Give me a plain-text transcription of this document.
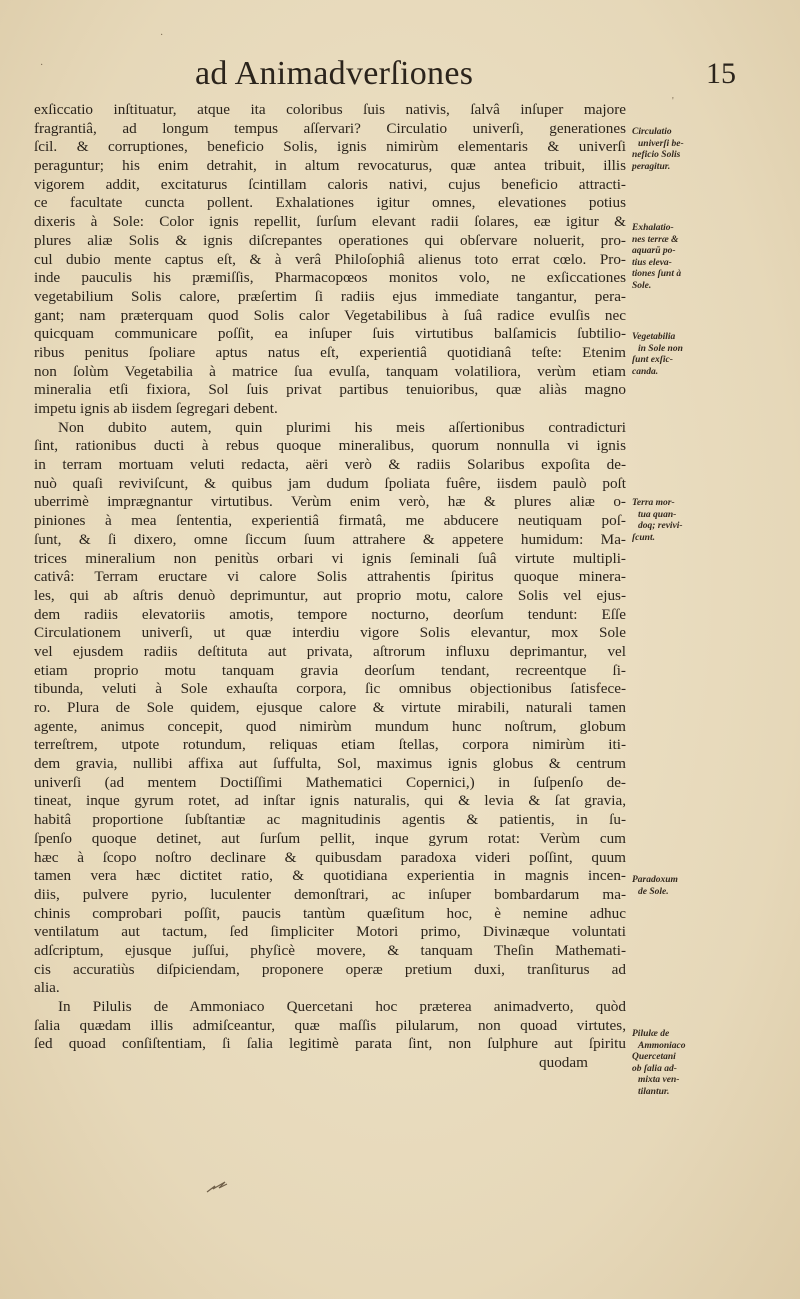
ad Animadverſiones	15
exſiccatio inſtituatur, atque ita coloribus ſuis nativis, ſalvâ inſuper majore
fragrantiâ, ad longum tempus aſſervari? Circulatio univerſi, generationes
ſcil. & corruptiones, beneficio Solis, ignis nimirùm elementaris & univerſi
peraguntur; his enim detrahit, in altum revocaturus, quæ antea tribuit, illis
vigorem addit, excitaturus ſcintillam caloris nativi, cujus beneficio attracti-
ce facultate cuncta pollent. Exhalationes igitur omnes, elevationes potius
dixeris à Sole: Color ignis repellit, ſurſum elevant radii ſolares, eæ igitur &
plures aliæ Solis & ignis diſcrepantes operationes qui obſervare noluerit, pro-
cul dubio mente captus eſt, & à verâ Philoſophiâ alienus toto errat cœlo. Pro-
inde pauculis his præmiſſis, Pharmacopœos monitos volo, ne exſiccationes
vegetabilium Solis calore, præſertim ſi radiis ejus immediate tangantur, pera-
gant; nam præterquam quod Solis calor Vegetabilibus à ſuâ radice evulſis nec
quicquam communicare poſſit, ea inſuper ſuis virtutibus balſamicis ſubtilio-
ribus penitus ſpoliare aptus natus eſt, experientiâ quotidianâ teſte: Etenim
non ſolùm Vegetabilia à matrice ſua evulſa, tanquam volatiliora, verùm etiam
mineralia etſi fixiora, Sol ſuis privat partibus tenuioribus, quæ aliàs magno
impetu ignis ab iisdem ſegregari debent.
Non dubito autem, quin plurimi his meis aſſertionibus contradicturi
ſint, rationibus ducti à rebus quoque mineralibus, quorum nonnulla vi ignis
in terram mortuam veluti redacta, aëri verò & radiis Solaribus expoſita de-
nuò quaſi reviviſcunt, & quibus jam dudum ſpoliata fuêre, iisdem paulò poſt
uberrimè imprægnantur virtutibus. Verùm enim verò, hæ & plures aliæ o-
piniones à mea ſententia, experientiâ firmatâ, me abducere neutiquam poſ-
ſunt, & ſi dixero, omne ſiccum ſuum attrahere & appetere humidum: Ma-
trices mineralium non penitùs orbari vi ignis ſeminali ſuâ virtute multipli-
cativâ: Terram eructare vi calore Solis attrahentis ſpiritus quoque minera-
les, qui ab aſtris denuò deprimuntur, aut proprio motu, calore Solis vel ejus-
dem radiis elevatoriis amotis, tempore nocturno, deorſum tendunt: Eſſe
Circulationem univerſi, ut quæ interdiu vigore Solis elevantur, mox Sole
vel ejusdem radiis deſtituta aut privata, aſtrorum influxu deprimantur, vel
etiam proprio motu tanquam gravia deorſum tendant, recreentque ſi-
tibunda, veluti à Sole exhauſta corpora, ſic omnibus objectionibus ſatisfece-
ro. Plura de Sole quidem, ejusque calore & virtute mirabili, naturali tamen
agente, animus concepit, quod nimirùm mundum hunc noſtrum, globum
terreſtrem, utpote rotundum, reliquas etiam ſtellas, corpora nimirùm iti-
dem gravia, nullibi affixa aut ſuffulta, Sol, maximus ignis globus & centrum
univerſi (ad mentem Doctiſſimi Mathematici Copernici,) in ſuſpenſo de-
tineat, inque gyrum rotet, ad inſtar ignis naturalis, qui & levia & ſat gravia,
habitâ proportione ſubſtantiæ ac magnitudinis agentis & patientis, in ſu-
ſpenſo quoque detinet, aut ſurſum pellit, inque gyrum rotat: Verùm cum
hæc à ſcopo noſtro declinare & quibusdam paradoxa videri poſſint, quum
tamen vera hæc dictitet ratio, & quotidiana experientia in magnis incen-
diis, pulvere pyrio, luculenter demonſtrari, ac inſuper bombardarum ma-
chinis comprobari poſſit, paucis tantùm quæſitum hoc, è nemine adhuc
ventilatum aut tactum, ſed ſimpliciter Motori primo, Divinæque voluntati
adſcriptum, ejusque juſſui, phyſicè movere, & tanquam Theſin Mathemati-
cis accuratiùs diſpiciendam, proponere operæ pretium duxi, tranſiturus ad
alia.
In Pilulis de Ammoniaco Quercetani hoc præterea animadverto, quòd
ſalia quædam illis admiſceantur, quæ maſſis pilularum, non quoad virtutes,
ſed quoad conſiſtentiam, ſi ſalia legitimè parata ſint, non ſulphure aut ſpiritu
quodam
Circulatio
univerſi be-
neficio Solis
peragitur.
Exhalatio-
nes terræ &
aquarū po-
tius eleva-
tiones ſunt à
Sole.
Vegetabilia
in Sole non
ſunt exſic-
canda.
Terra mor-
tua quan-
doq; revivi-
ſcunt.
Paradoxum
de Sole.
Pilulæ de
Ammoniaco
Quercetani
ob ſalia ad-
mixta ven-
tilantur.
·
'
·
